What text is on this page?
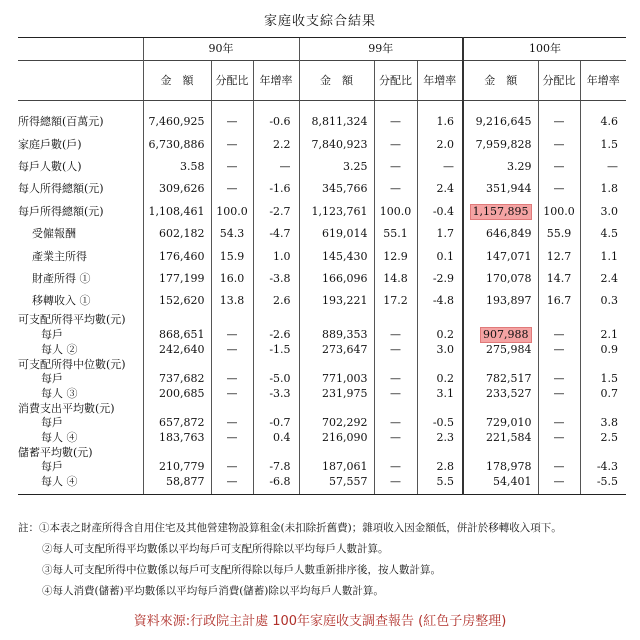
家庭收支綜合結果
	90年			99年			100年		
	金　額	分配比	年增率	金　額	分配比	年增率	金　額	分配比	年增率

所得總額(百萬元)	7,460,925	—	-0.6	8,811,324	—	1.6	9,216,645	—	4.6
家庭戶數(戶)	6,730,886	—	2.2	7,840,923	—	2.0	7,959,828	—	1.5
每戶人數(人)	3.58	—	—	3.25	—	—	3.29	—	—
每人所得總額(元)	309,626	—	-1.6	345,766	—	2.4	351,944	—	1.8
每戶所得總額(元)	1,108,461	100.0	-2.7	1,123,761	100.0	-0.4	1,157,895	100.0	3.0
受僱報酬	602,182	54.3	-4.7	619,014	55.1	1.7	646,849	55.9	4.5
產業主所得	176,460	15.9	1.0	145,430	12.9	0.1	147,071	12.7	1.1
財產所得 ①	177,199	16.0	-3.8	166,096	14.8	-2.9	170,078	14.7	2.4
移轉收入 ①	152,620	13.8	2.6	193,221	17.2	-4.8	193,897	16.7	0.3
可支配所得平均數(元)									
每戶	868,651	—	-2.6	889,353	—	0.2	907,988	—	2.1
每人 ②	242,640	—	-1.5	273,647	—	3.0	275,984	—	0.9
可支配所得中位數(元)									
每戶	737,682	—	-5.0	771,003	—	0.2	782,517	—	1.5
每人 ③	200,685	—	-3.3	231,975	—	3.1	233,527	—	0.7
消費支出平均數(元)									
每戶	657,872	—	-0.7	702,292	—	-0.5	729,010	—	3.8
每人 ④	183,763	—	0.4	216,090	—	2.3	221,584	—	2.5
儲蓄平均數(元)									
每戶	210,779	—	-7.8	187,061	—	2.8	178,978	—	-4.3
每人 ④	58,877	—	-6.8	57,557	—	5.5	54,401	—	-5.5

註：①本表之財產所得含自用住宅及其他營建物設算租金(未扣除折舊費)；雜項收入因金額低，併計於移轉收入項下。
②每人可支配所得平均數係以平均每戶可支配所得除以平均每戶人數計算。
③每人可支配所得中位數係以每戶可支配所得除以每戶人數重新排序後，按人數計算。
④每人消費(儲蓄)平均數係以平均每戶消費(儲蓄)除以平均每戶人數計算。
資料來源:行政院主計處 100年家庭收支調查報告 (紅色子房整理)
